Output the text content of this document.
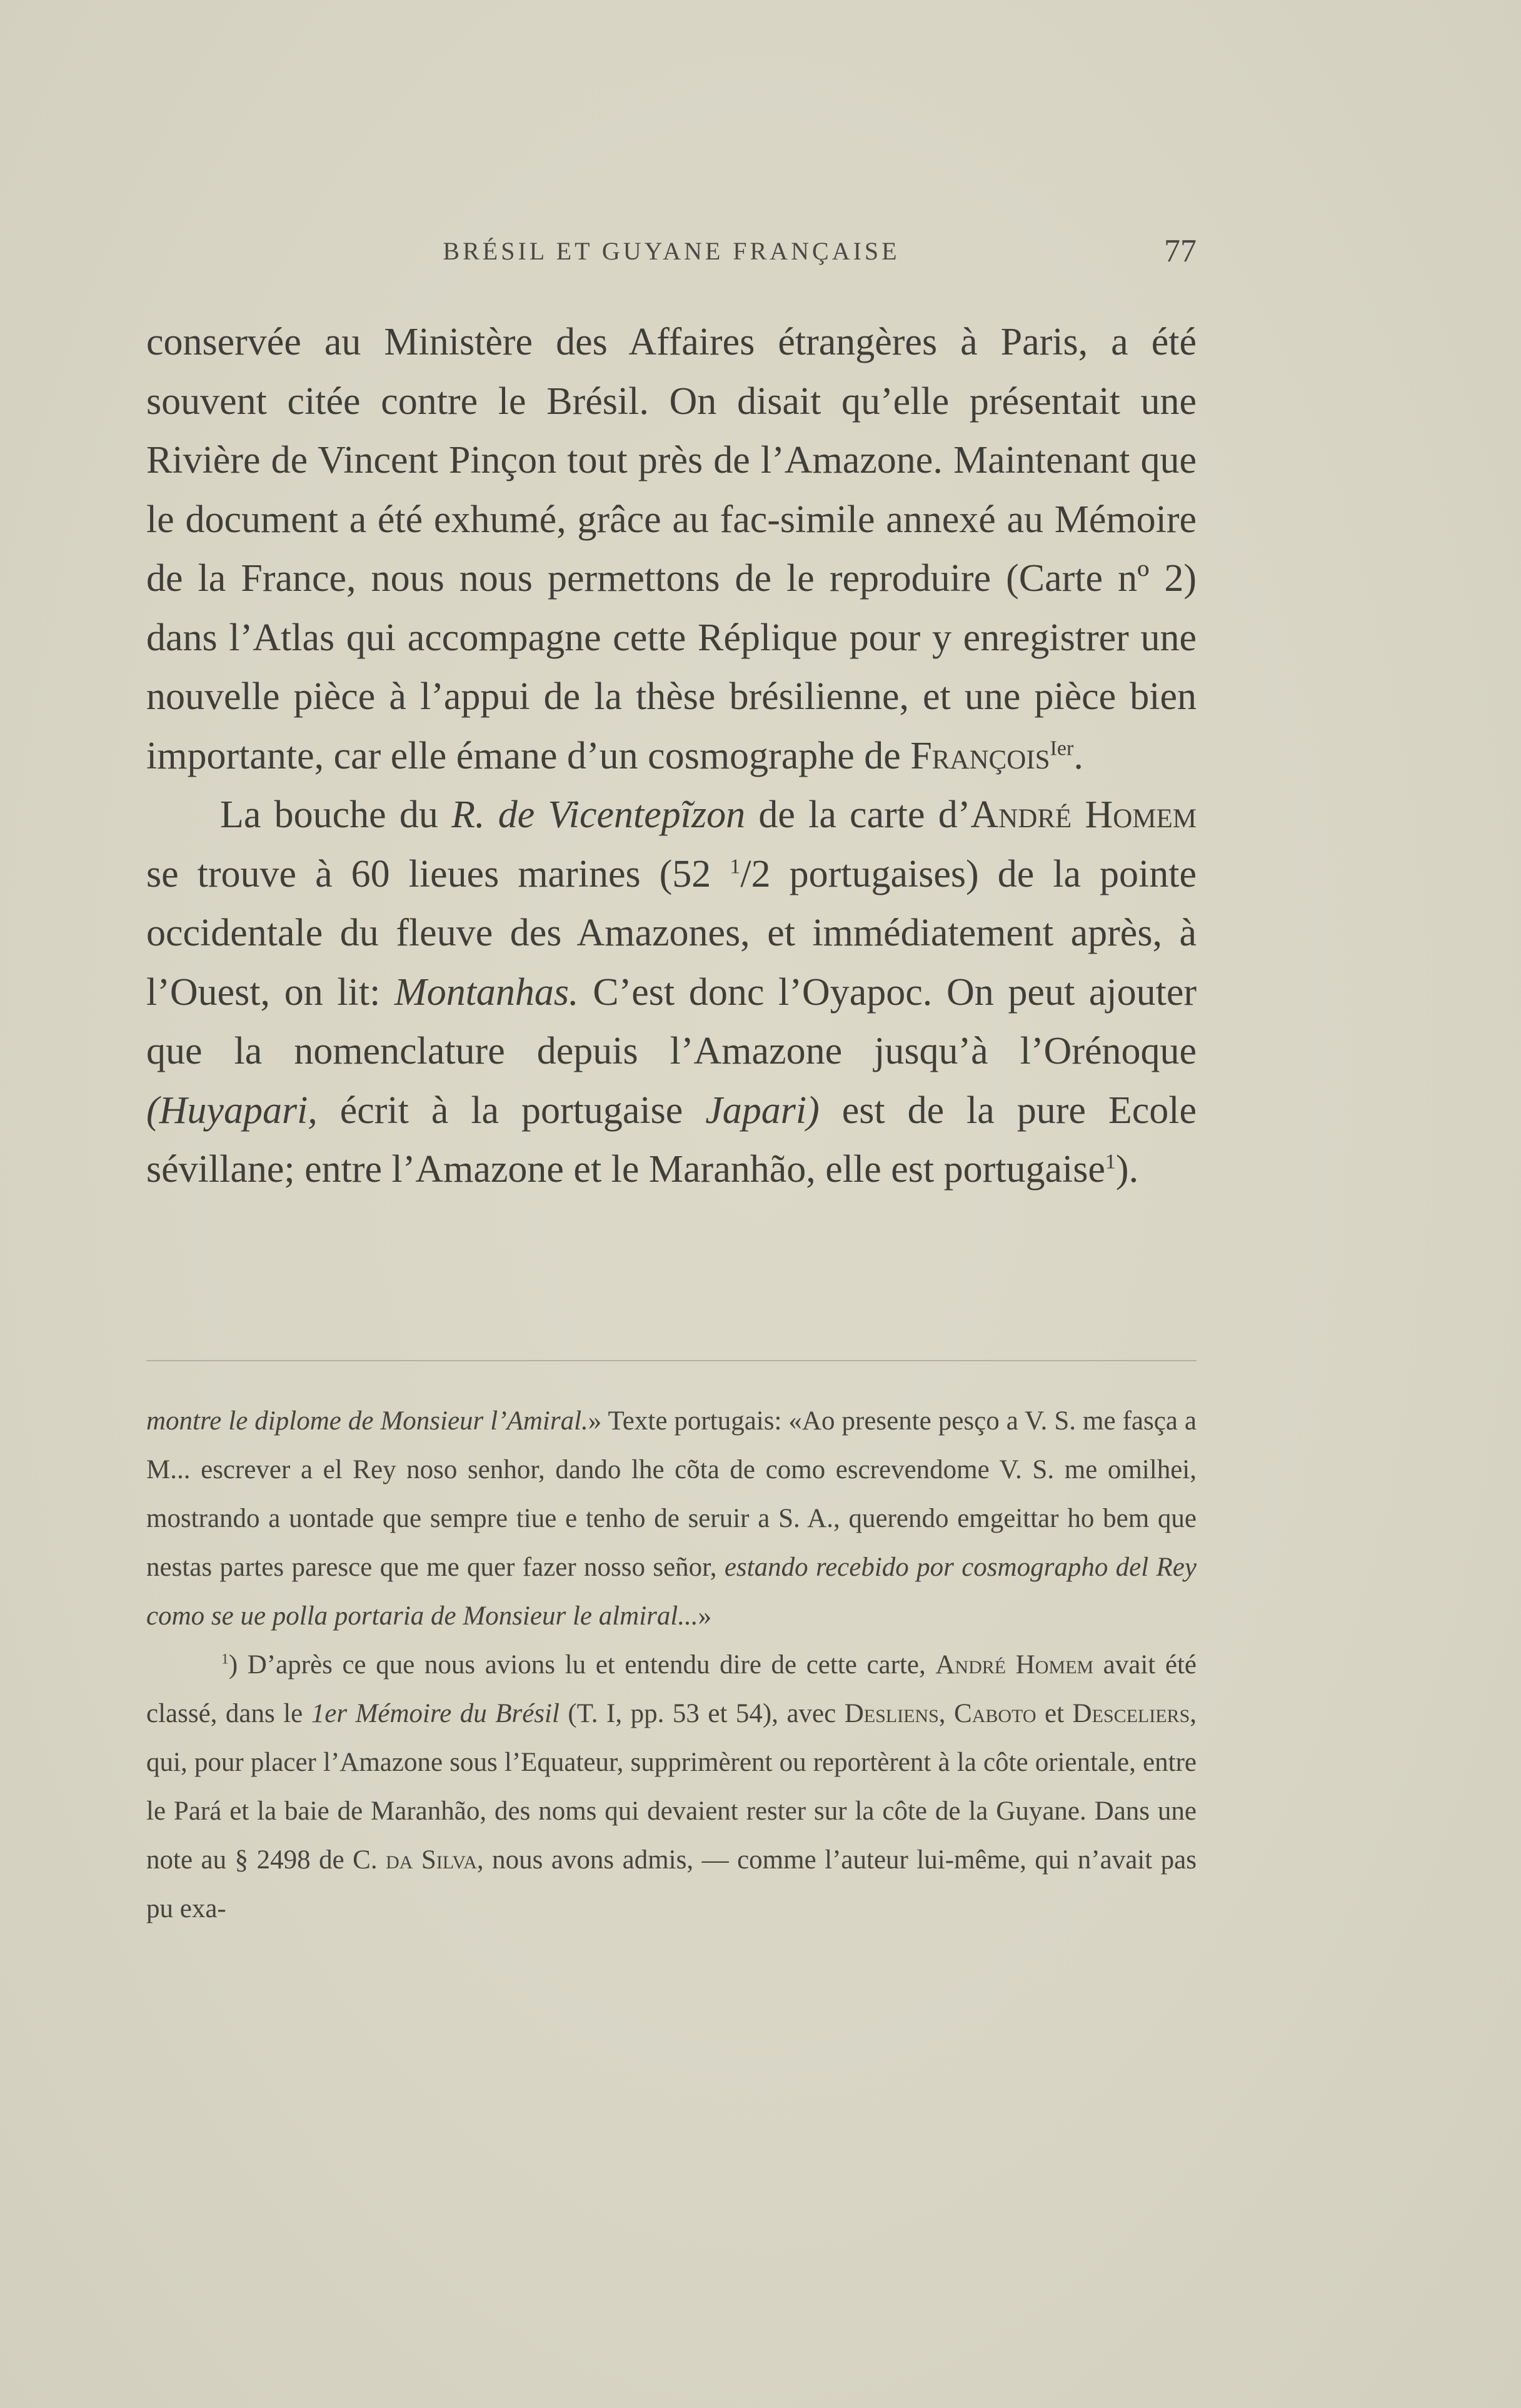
BRÉSIL ET GUYANE FRANÇAISE	77

conservée au Ministère des Affaires étrangères à Paris, a été souvent citée contre le Brésil. On disait qu’elle présentait une Rivière de Vincent Pinçon tout près de l’Amazone. Maintenant que le document a été exhumé, grâce au fac-simile annexé au Mémoire de la France, nous nous permettons de le reproduire (Carte nº 2) dans l’Atlas qui accompagne cette Réplique pour y enregistrer une nouvelle pièce à l’appui de la thèse brésilienne, et une pièce bien importante, car elle émane d’un cosmographe de François$^{Ier}$.

La bouche du R. de Vicentepĩzon de la carte d’André Homem se trouve à 60 lieues marines (52 $^1$/2 portugaises) de la pointe occidentale du fleuve des Amazones, et immédiatement après, à l’Ouest, on lit: Montanhas. C’est donc l’Oyapoc. On peut ajouter que la nomenclature depuis l’Amazone jusqu’à l’Orénoque (Huyapari, écrit à la portugaise Japari) est de la pure Ecole sévillane; entre l’Amazone et le Maranhão, elle est portugaise$^1$).

montre le diplome de Monsieur l’Amiral.» Texte portugais: «Ao presente pesço a V. S. me fasça a M... escrever a el Rey noso senhor, dando lhe cõta de como escrevendome V. S. me omilhei, mostrando a uontade que sempre tiue e tenho de seruir a S. A., querendo emgeittar ho bem que nestas partes paresce que me quer fazer nosso señor, estando recebido por cosmographo del Rey como se ue polla portaria de Monsieur le almiral...»

$^1$) D’après ce que nous avions lu et entendu dire de cette carte, André Homem avait été classé, dans le 1er Mémoire du Brésil (T. I, pp. 53 et 54), avec Desliens, Caboto et Desceliers, qui, pour placer l’Amazone sous l’Equateur, supprimèrent ou reportèrent à la côte orientale, entre le Pará et la baie de Maranhão, des noms qui devaient rester sur la côte de la Guyane. Dans une note au § 2498 de C. da Silva, nous avons admis, — comme l’auteur lui-même, qui n’avait pas pu exa-
